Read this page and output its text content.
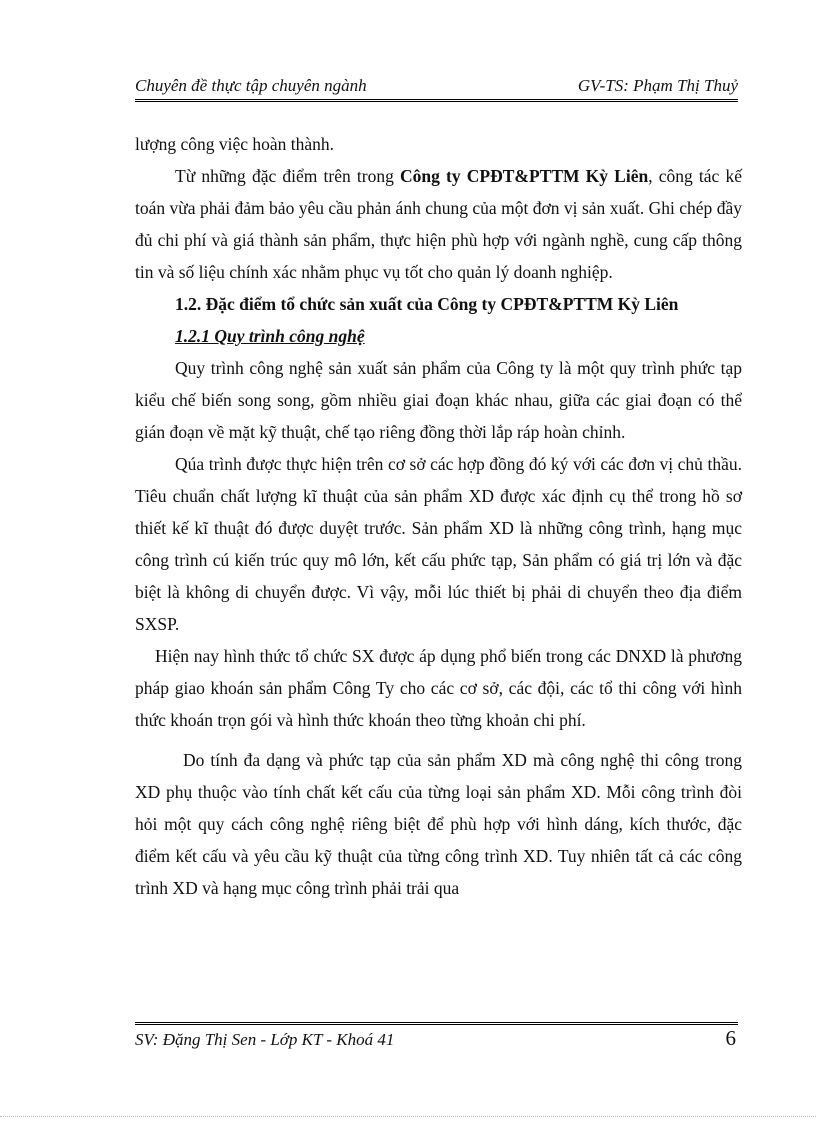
Chuyên đề thực tập chuyên ngành	GV-TS: Phạm Thị Thuỷ

lượng công việc hoàn thành.

Từ những đặc điểm trên trong Công ty CPĐT&PTTM Kỳ Liên, công tác kế toán vừa phải đảm bảo yêu cầu phản ánh chung của một đơn vị sản xuất. Ghi chép đầy đủ chi phí và giá thành sản phẩm, thực hiện phù hợp với ngành nghề, cung cấp thông tin và số liệu chính xác nhằm phục vụ tốt cho quản lý doanh nghiệp.

1.2. Đặc điểm tổ chức sản xuất của Công ty CPĐT&PTTM Kỳ Liên

1.2.1 Quy trình công nghệ

Quy trình công nghệ sản xuất sản phẩm của Công ty là một quy trình phức tạp kiểu chế biến song song, gồm nhiều giai đoạn khác nhau, giữa các giai đoạn có thể gián đoạn về mặt kỹ thuật, chế tạo riêng đồng thời lắp ráp hoàn chỉnh.

Qúa trình được thực hiện trên cơ sở các hợp đồng đó ký với các đơn vị chủ thầu. Tiêu chuẩn chất lượng kĩ thuật của sản phẩm XD được xác định cụ thể trong hồ sơ thiết kế kĩ thuật đó được duyệt trước. Sản phẩm XD là những công trình, hạng mục công trình cú kiến trúc quy mô lớn, kết cấu phức tạp, Sản phẩm có giá trị lớn và đặc biệt là không di chuyển được. Vì vậy, mỗi lúc thiết bị phải di chuyển theo địa điểm SXSP.

Hiện nay hình thức tổ chức SX được áp dụng phổ biến trong các DNXD là phương pháp giao khoán sản phẩm Công Ty cho các cơ sở, các đội, các tổ thi công với hình thức khoán trọn gói và hình thức khoán theo từng khoản chi phí.

Do tính đa dạng và phức tạp của sản phẩm XD mà công nghệ thi công trong XD phụ thuộc vào tính chất kết cấu của từng loại sản phẩm XD. Mỗi công trình đòi hỏi một quy cách công nghệ riêng biệt để phù hợp với hình dáng, kích thước, đặc điểm kết cấu và yêu cầu kỹ thuật của từng công trình XD. Tuy nhiên tất cả các công trình XD và hạng mục công trình phải trải qua

SV: Đặng Thị Sen - Lớp KT - Khoá 41	6
